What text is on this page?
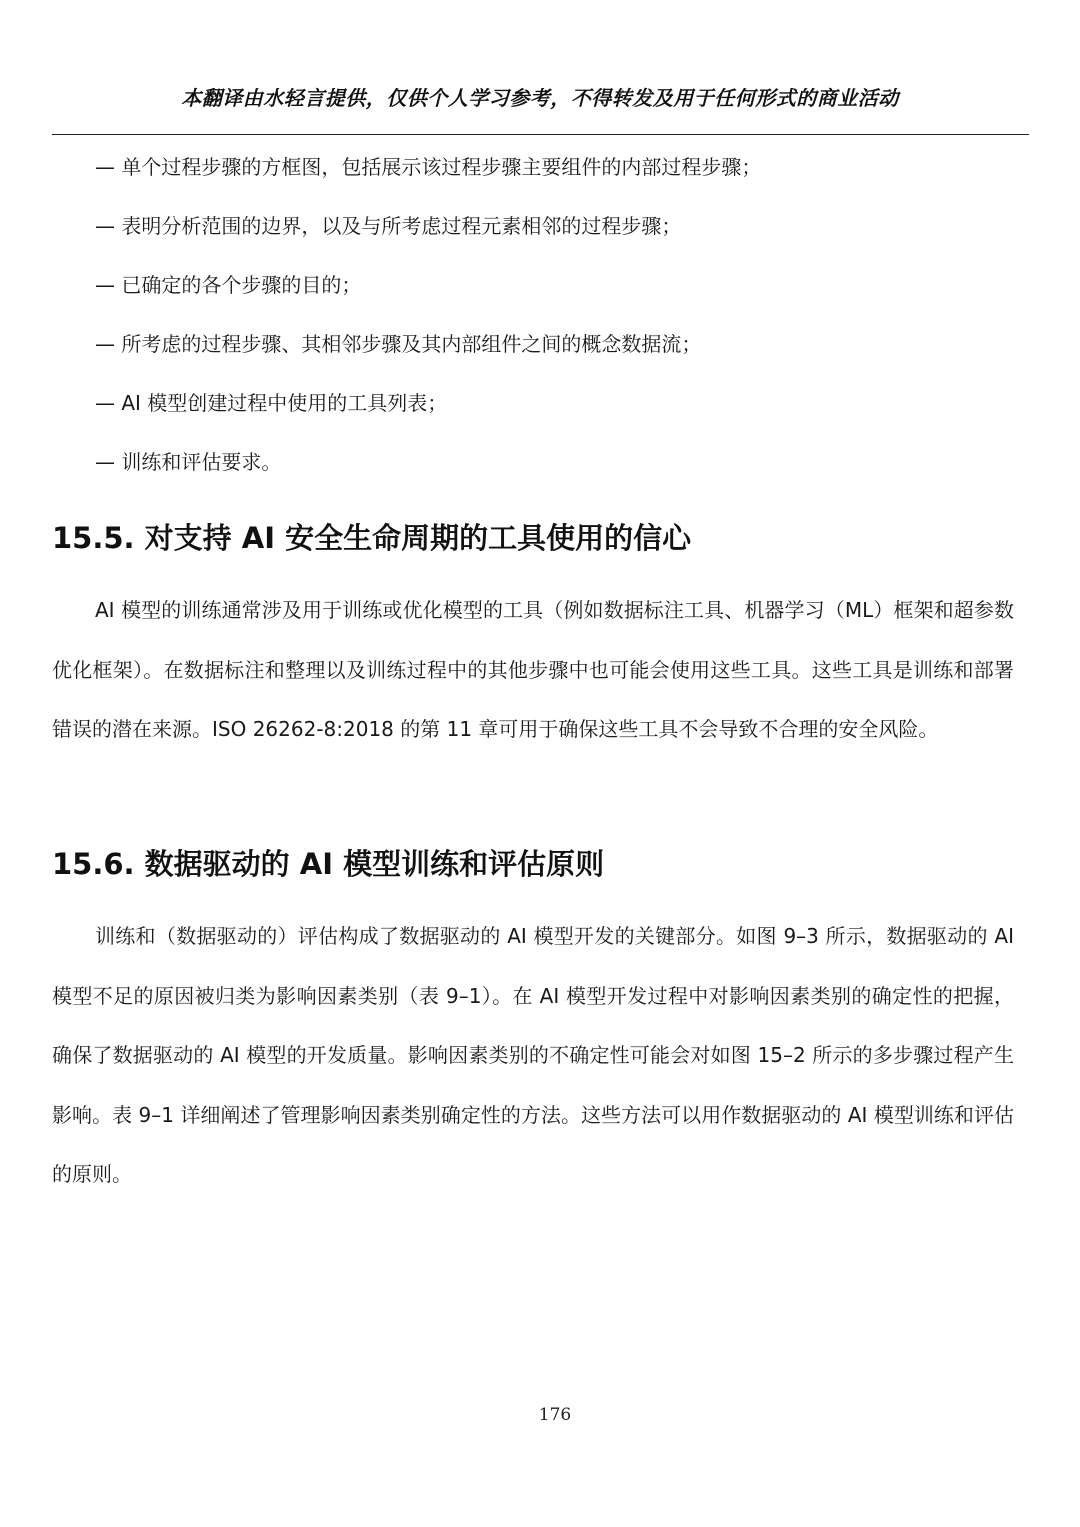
本翻译由水轻言提供，仅供个人学习参考，不得转发及用于任何形式的商业活动
— 单个过程步骤的方框图，包括展示该过程步骤主要组件的内部过程步骤；
— 表明分析范围的边界，以及与所考虑过程元素相邻的过程步骤；
— 已确定的各个步骤的目的；
— 所考虑的过程步骤、其相邻步骤及其内部组件之间的概念数据流；
— AI 模型创建过程中使用的工具列表；
— 训练和评估要求。
15.5. 对支持 AI 安全生命周期的工具使用的信心

AI 模型的训练通常涉及用于训练或优化模型的工具（例如数据标注工具、机器学习（ML）框架和超参数优化框架）。在数据标注和整理以及训练过程中的其他步骤中也可能会使用这些工具。这些工具是训练和部署错误的潜在来源。ISO 26262-8:2018 的第 11 章可用于确保这些工具不会导致不合理的安全风险。

15.6. 数据驱动的 AI 模型训练和评估原则

训练和（数据驱动的）评估构成了数据驱动的 AI 模型开发的关键部分。如图 9–3 所示，数据驱动的 AI 模型不足的原因被归类为影响因素类别（表 9–1）。在 AI 模型开发过程中对影响因素类别的确定性的把握，确保了数据驱动的 AI 模型的开发质量。影响因素类别的不确定性可能会对如图 15–2 所示的多步骤过程产生影响。表 9–1 详细阐述了管理影响因素类别确定性的方法。这些方法可以用作数据驱动的 AI 模型训练和评估的原则。

176
